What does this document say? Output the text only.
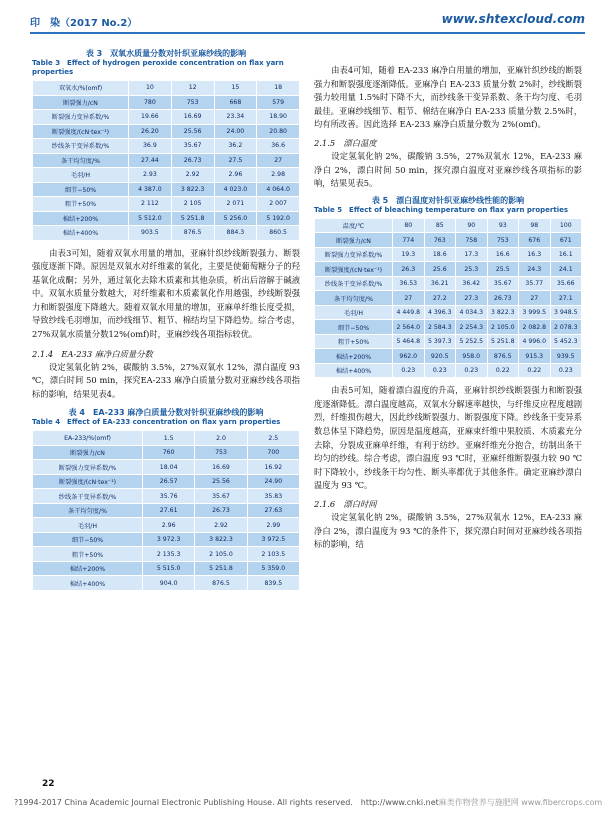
印　染（2017 No.2）	www.shtexcloud.com
表 3　双氧水质量分数对针织亚麻纱线的影响
Table 3　Effect of hydrogen peroxide concentration on flax yarn properties
双氧水/%(omf)	10	12	15	18
断裂强力/cN	780	753	668	579
断裂强力变异系数/%	19.66	16.69	23.34	18.90
断裂强度/(cN·tex⁻¹)	26.20	25.56	24.00	20.80
纱线条干变异系数/%	36.9	35.67	36.2	36.6
条干均匀度/%	27.44	26.73	27.5	27
毛羽/H	2.93	2.92	2.96	2.98
细节−50%	4 387.0	3 822.3	4 023.0	4 064.0
粗节+50%	2 112	2 105	2 071	2 007
棉结+200%	5 512.0	5 251.8	5 256.0	5 192.0
棉结+400%	903.5	876.5	884.3	860.5
由表3可知，随着双氧水用量的增加，亚麻针织纱线断裂强力、断裂强度逐渐下降。原因是双氧水对纤维素的氧化，主要是使葡萄糖分子的羟基氧化成酮；另外，通过氧化去除木质素和其他杂质，析出后溶解于碱液中。双氧水质量分数越大，对纤维素和木质素氧化作用越强，纱线断裂强力和断裂强度下降越大。随着双氧水用量的增加，亚麻单纤维长度受损，导致纱线毛羽增加，而纱线细节、粗节、棉结均呈下降趋势。综合考虑，27%双氧水质量分数12%(omf)时，亚麻纱线各项指标较优。
2.1.4　EA-233 麻净白质量分数
设定氢氧化钠 2%，碳酸钠 3.5%，27%双氧水 12%，漂白温度 93 ℃，漂白时间 50 min，探究EA-233 麻净白质量分数对亚麻纱线各项指标的影响，结果见表4。
表 4　EA-233 麻净白质量分数对针织亚麻纱线的影响
Table 4　Effect of EA-233 concentration on flax yarn properties
EA-233/%(omf)	1.5	2.0	2.5
断裂强力/cN	760	753	700
断裂强力变异系数/%	18.04	16.69	16.92
断裂强度/(cN·tex⁻¹)	26.57	25.56	24.90
纱线条干变异系数/%	35.76	35.67	35.83
条干均匀度/%	27.61	26.73	27.63
毛羽/H	2.96	2.92	2.99
细节−50%	3 972.3	3 822.3	3 972.5
粗节+50%	2 135.3	2 105.0	2 103.5
棉结+200%	5 515.0	5 251.8	5 359.0
棉结+400%	904.0	876.5	839.5
由表4可知，随着 EA-233 麻净白用量的增加，亚麻针织纱线的断裂强力和断裂强度逐渐降低。亚麻净白 EA-233 质量分数 2%时，纱线断裂强力较用量 1.5%时下降不大，而纱线条干变异系数、条干均匀度、毛羽最佳。亚麻纱线细节、粗节、棉结在麻净白 EA-233 质量分数 2.5%时，均有所改善。因此选择 EA-233 麻净白质量分数为 2%(omf)。
2.1.5　漂白温度
设定氢氧化钠 2%，碳酸钠 3.5%，27%双氧水 12%，EA-233 麻净白 2%，漂白时间 50 min，探究漂白温度对亚麻纱线各项指标的影响，结果见表5。
表 5　漂白温度对针织亚麻纱线性能的影响
Table 5　Effect of bleaching temperature on flax yarn properties
温度/℃	80	85	90	93	98	100
断裂强力/cN	774	763	758	753	676	671
断裂强力变异系数/%	19.3	18.6	17.3	16.6	16.3	16.1
断裂强度/(cN·tex⁻¹)	26.3	25.6	25.3	25.5	24.3	24.1
纱线条干变异系数/%	36.53	36.21	36.42	35.67	35.77	35.66
条干均匀度/%	27	27.2	27.3	26.73	27	27.1
毛羽/H	4 449.8	4 396.3	4 034.3	3 822.3	3 999.5	3 948.5
细节−50%	2 564.0	2 584.3	2 254.3	2 105.0	2 082.8	2 078.3
粗节+50%	5 464.8	5 397.3	5 252.5	5 251.8	4 996.0	5 452.3
棉结+200%	962.0	920.5	958.0	876.5	915.3	939.5
棉结+400%	0.23	0.23	0.23	0.22	0.22	0.23
由表5可知，随着漂白温度的升高，亚麻针织纱线断裂强力和断裂强度逐渐降低。漂白温度越高，双氧水分解速率越快，与纤维反应程度越剧烈，纤维损伤越大，因此纱线断裂强力、断裂强度下降。纱线条干变异系数总体呈下降趋势，原因是温度越高，亚麻束纤维中果胶质、木质素充分去除，分裂成亚麻单纤维，有利于纺纱。亚麻纤维充分抱合，纺制出条干均匀的纱线。综合考虑，漂白温度 93 ℃时，亚麻纤维断裂强力较 90 ℃时下降较小，纱线条干均匀性、断头率都优于其他条件。确定亚麻纱漂白温度为 93 ℃。
2.1.6　漂白时间
设定氢氧化钠 2%，碳酸钠 3.5%，27%双氧水 12%，EA-233 麻净白 2%，漂白温度为 93 ℃的条件下，探究漂白时间对亚麻纱线各项指标的影响，结
22
?1994-2017 China Academic Journal Electronic Publishing House. All rights reserved.　http://www.cnki.net麻类作物营养与施肥网 www.fibercrops.com
